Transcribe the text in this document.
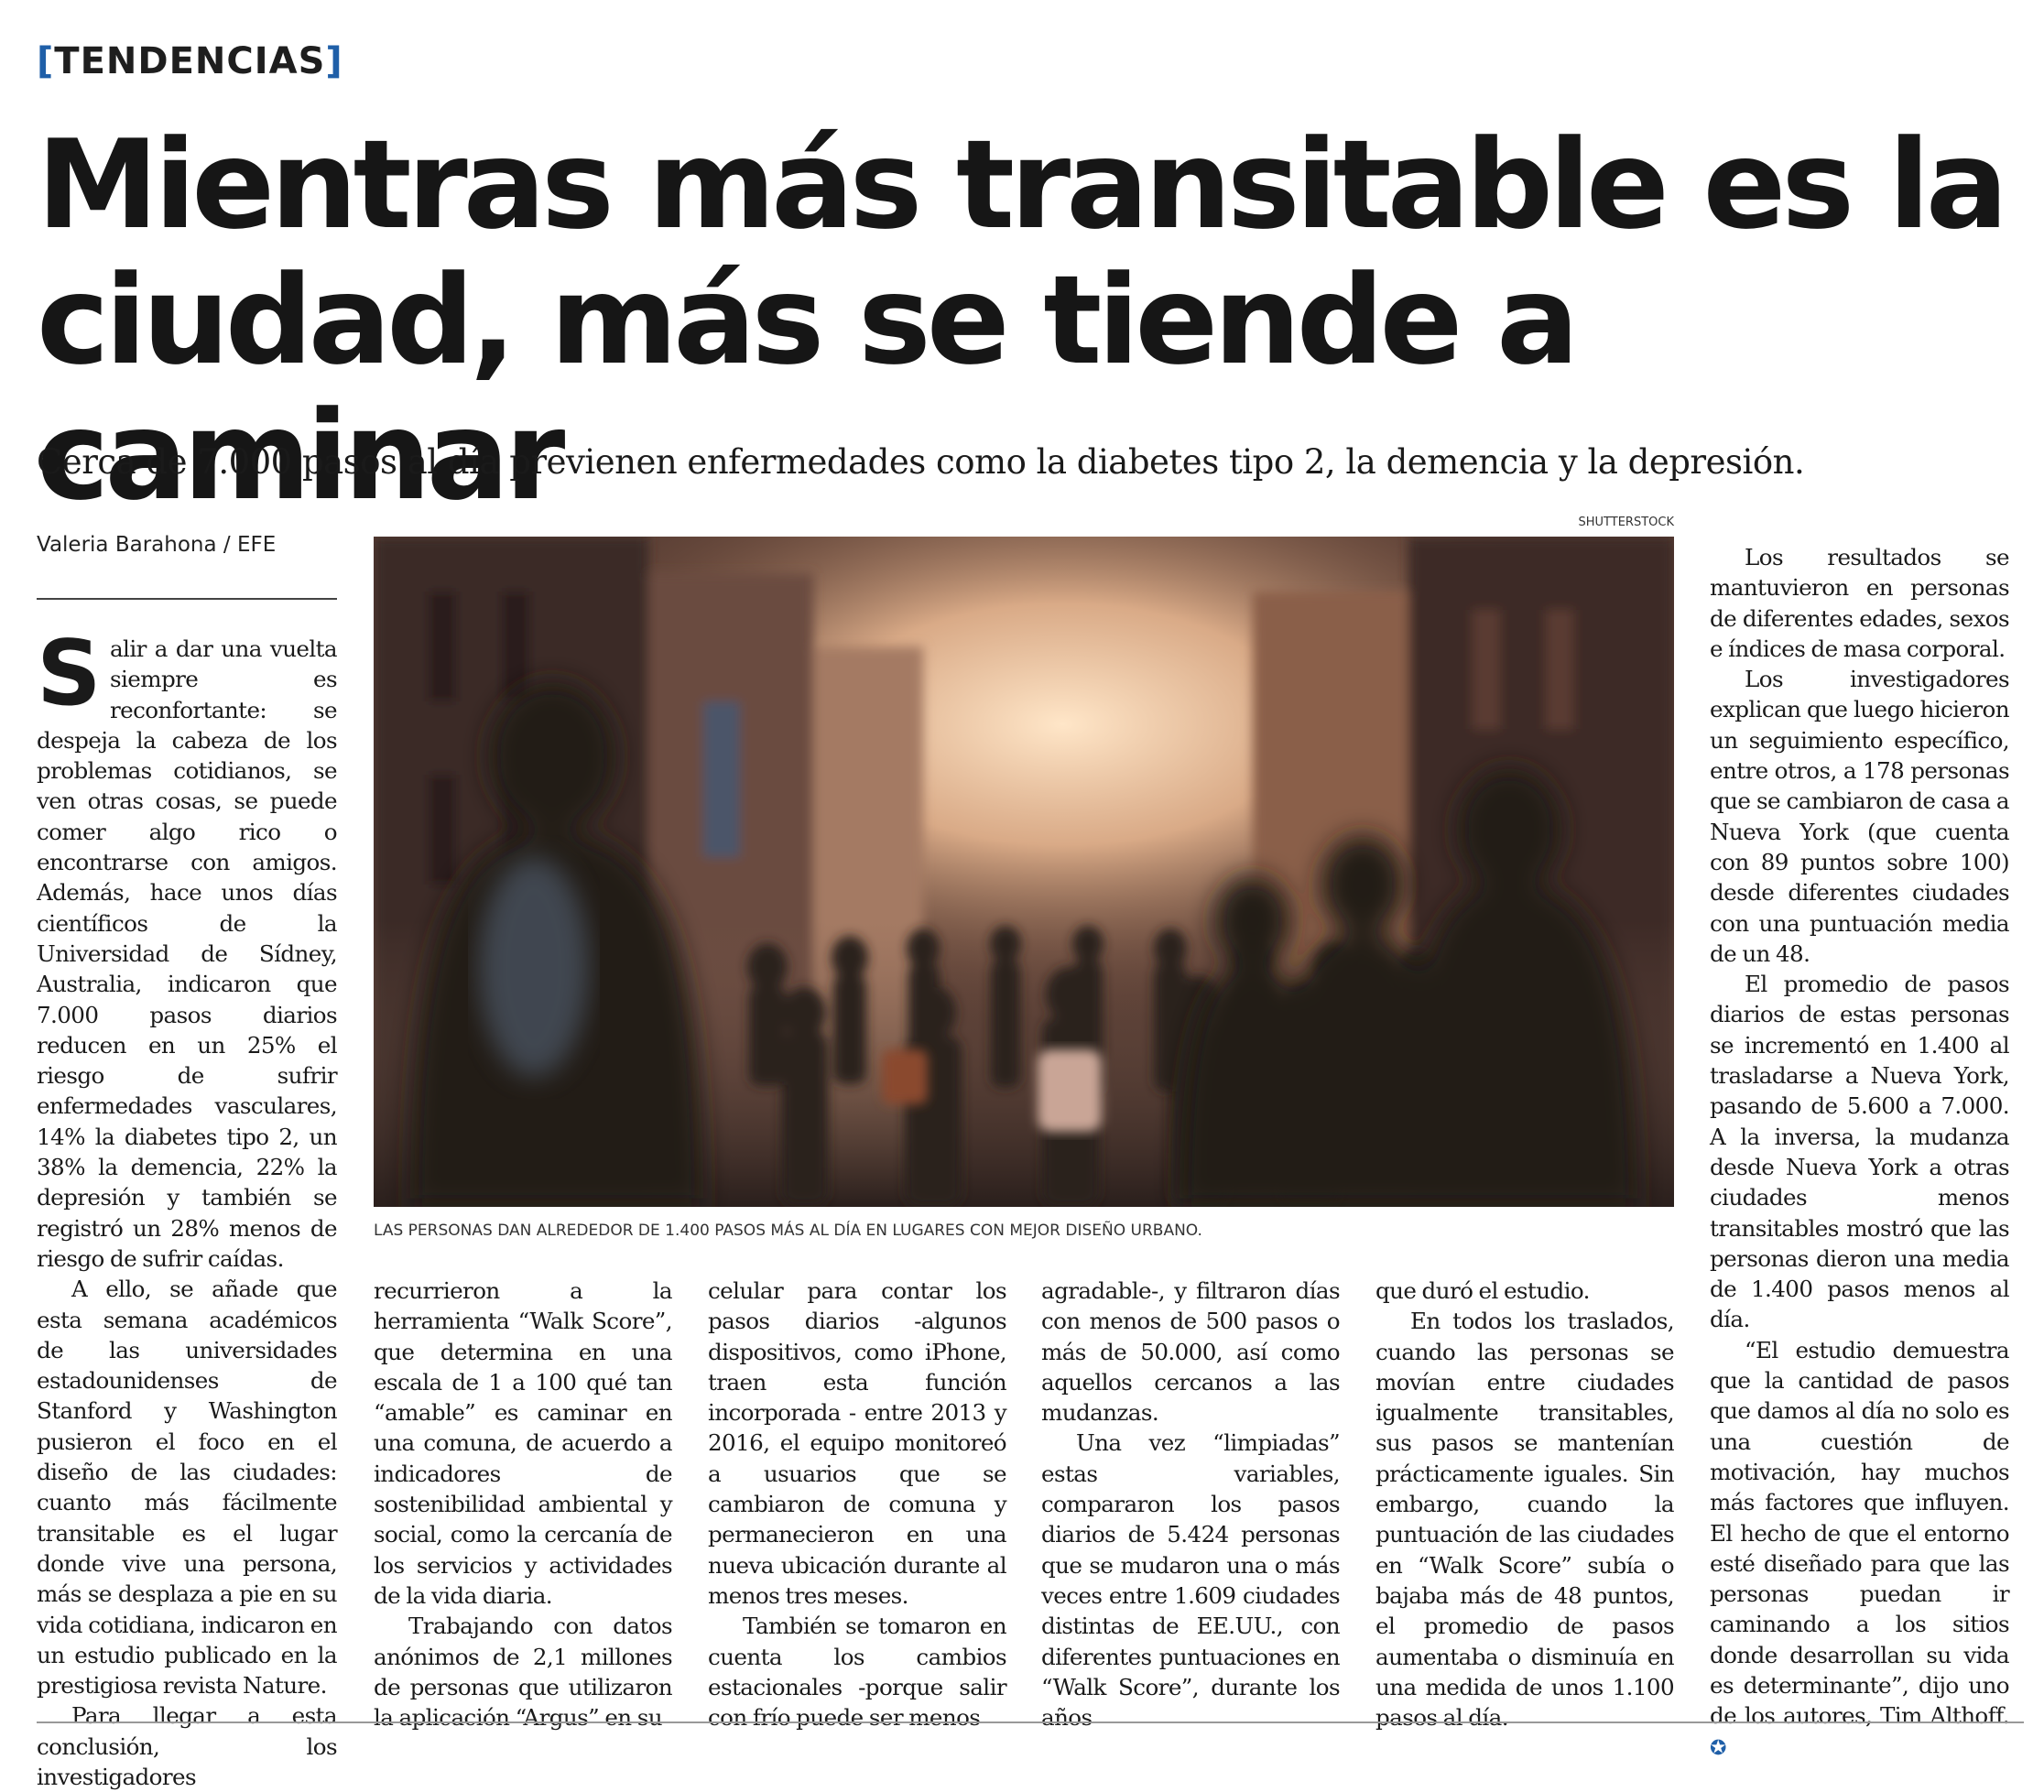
[TENDENCIAS]
Mientras más transitable es la ciudad, más se tiende a caminar

Cerca de 7.000 pasos al día previenen enfermedades como la diabetes tipo 2, la demencia y la depresión.

Valeria Barahona / EFE
SHUTTERSTOCK
LAS PERSONAS DAN ALREDEDOR DE 1.400 PASOS MÁS AL DÍA EN LUGARES CON MEJOR DISEÑO URBANO.

Salir a dar una vuelta siempre es reconfortante: se despeja la cabeza de los problemas cotidianos, se ven otras cosas, se puede comer algo rico o encontrarse con amigos. Además, hace unos días científicos de la Universidad de Sídney, Australia, indicaron que 7.000 pasos diarios reducen en un 25% el riesgo de sufrir enfermedades vasculares, 14% la diabetes tipo 2, un 38% la demencia, 22% la depresión y también se registró un 28% menos de riesgo de sufrir caídas.

A ello, se añade que esta semana académicos de las universidades estadounidenses de Stanford y Washington pusieron el foco en el diseño de las ciudades: cuanto más fácilmente transitable es el lugar donde vive una persona, más se desplaza a pie en su vida cotidiana, indicaron en un estudio publicado en la prestigiosa revista Nature.

Para llegar a esta conclusión, los investigadores

recurrieron a la herramienta “Walk Score”, que determina en una escala de 1 a 100 qué tan “amable” es caminar en una comuna, de acuerdo a indicadores de sostenibilidad ambiental y social, como la cercanía de los servicios y actividades de la vida diaria.

Trabajando con datos anónimos de 2,1 millones de personas que utilizaron la aplicación “Argus” en su

celular para contar los pasos diarios -algunos dispositivos, como iPhone, traen esta función incorporada - entre 2013 y 2016, el equipo monitoreó a usuarios que se cambiaron de comuna y permanecieron en una nueva ubicación durante al menos tres meses.

También se tomaron en cuenta los cambios estacionales -porque salir con frío puede ser menos

agradable-, y filtraron días con menos de 500 pasos o más de 50.000, así como aquellos cercanos a las mudanzas.

Una vez “limpiadas” estas variables, compararon los pasos diarios de 5.424 personas que se mudaron una o más veces entre 1.609 ciudades distintas de EE.UU., con diferentes puntuaciones en “Walk Score”, durante los años

que duró el estudio.

En todos los traslados, cuando las personas se movían entre ciudades igualmente transitables, sus pasos se mantenían prácticamente iguales. Sin embargo, cuando la puntuación de las ciudades en “Walk Score” subía o bajaba más de 48 puntos, el promedio de pasos aumentaba o disminuía en una medida de unos 1.100 pasos al día.

Los resultados se mantuvieron en personas de diferentes edades, sexos e índices de masa corporal.

Los investigadores explican que luego hicieron un seguimiento específico, entre otros, a 178 personas que se cambiaron de casa a Nueva York (que cuenta con 89 puntos sobre 100) desde diferentes ciudades con una puntuación media de un 48.

El promedio de pasos diarios de estas personas se incrementó en 1.400 al trasladarse a Nueva York, pasando de 5.600 a 7.000. A la inversa, la mudanza desde Nueva York a otras ciudades menos transitables mostró que las personas dieron una media de 1.400 pasos menos al día.

“El estudio demuestra que la cantidad de pasos que damos al día no solo es una cuestión de motivación, hay muchos más factores que influyen. El hecho de que el entorno esté diseñado para que las personas puedan ir caminando a los sitios donde desarrollan su vida es determinante”, dijo uno de los autores, Tim Althoff. ✪
